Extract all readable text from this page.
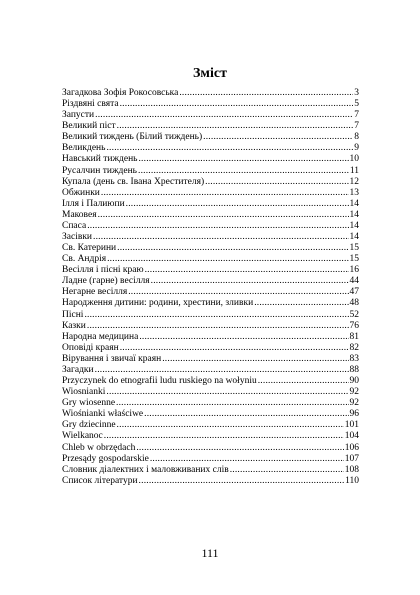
Зміст
Загадкова Зофія Рокосовська .....	3
Різдвяні свята .....	5
Запусти .....	7
Великий піст .....	7
Великий тиждень (Білий тиждень) .....	8
Великдень .....	9
Навський тиждень .....	10
Русалчин тиждень .....	11
Купала (день св. Івана Хрестителя) .....	12
Обжинки .....	13
Ілля і Палиюпи .....	14
Маковея .....	14
Спаса .....	14
Засівки .....	14
Св. Катерини .....	15
Св. Андрія .....	15
Весілля і пісні краю .....	16
Ладне (гарне) весілля .....	44
Негарне весілля .....	47
Народження дитини: родини, хрестини, зливки .....	48
Пісні .....	52
Казки .....	76
Народна медицина .....	81
Оповіді краян .....	82
Вірування і звичаї краян .....	83
Загадки .....	88
Przyczynek do etnografii ludu ruskiego na wołyniu .....	90
Wiosnianki .....	92
Gry wiosenne .....	92
Wiośnianki właściwe .....	96
Gry dziecinne .....	101
Wielkanoc .....	104
Chleb w obrzędach .....	106
Przesądy gospodarskie .....	107
Словник діалектних і маловживаних слів .....	108
Список літератури .....	110
111
